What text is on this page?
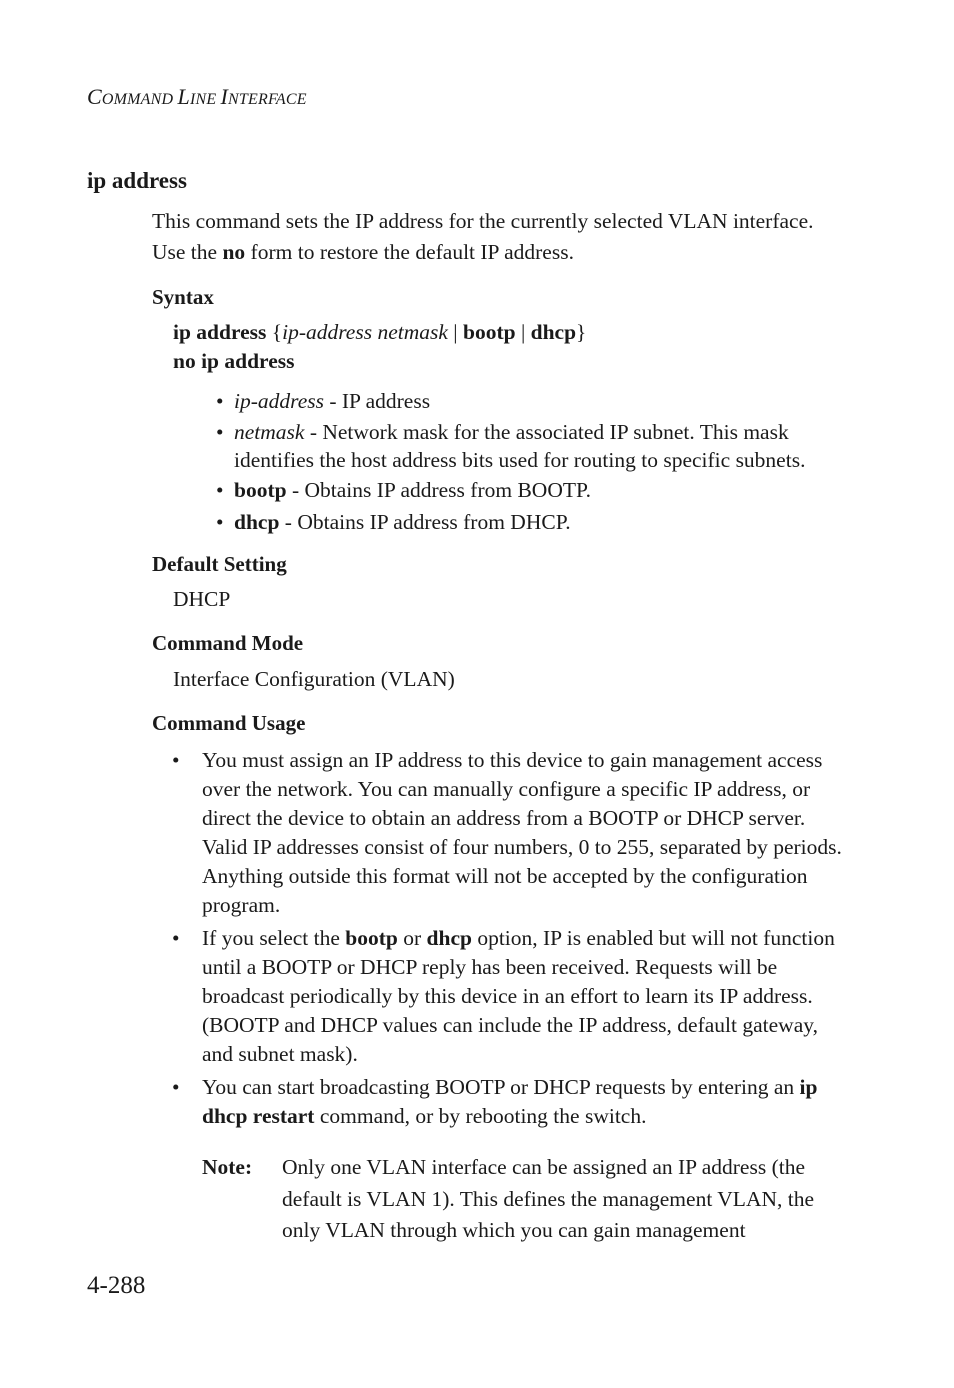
COMMAND LINE INTERFACE
ip address
This command sets the IP address for the currently selected VLAN interface. Use the no form to restore the default IP address.
Syntax
ip address {ip-address netmask | bootp | dhcp}
no ip address
• ip-address - IP address
• netmask - Network mask for the associated IP subnet. This mask identifies the host address bits used for routing to specific subnets.
• bootp - Obtains IP address from BOOTP.
• dhcp - Obtains IP address from DHCP.
Default Setting
DHCP
Command Mode
Interface Configuration (VLAN)
Command Usage
• You must assign an IP address to this device to gain management access over the network. You can manually configure a specific IP address, or direct the device to obtain an address from a BOOTP or DHCP server. Valid IP addresses consist of four numbers, 0 to 255, separated by periods. Anything outside this format will not be accepted by the configuration program.
• If you select the bootp or dhcp option, IP is enabled but will not function until a BOOTP or DHCP reply has been received. Requests will be broadcast periodically by this device in an effort to learn its IP address. (BOOTP and DHCP values can include the IP address, default gateway, and subnet mask).
• You can start broadcasting BOOTP or DHCP requests by entering an ip dhcp restart command, or by rebooting the switch.
Note: Only one VLAN interface can be assigned an IP address (the default is VLAN 1). This defines the management VLAN, the only VLAN through which you can gain management
4-288
